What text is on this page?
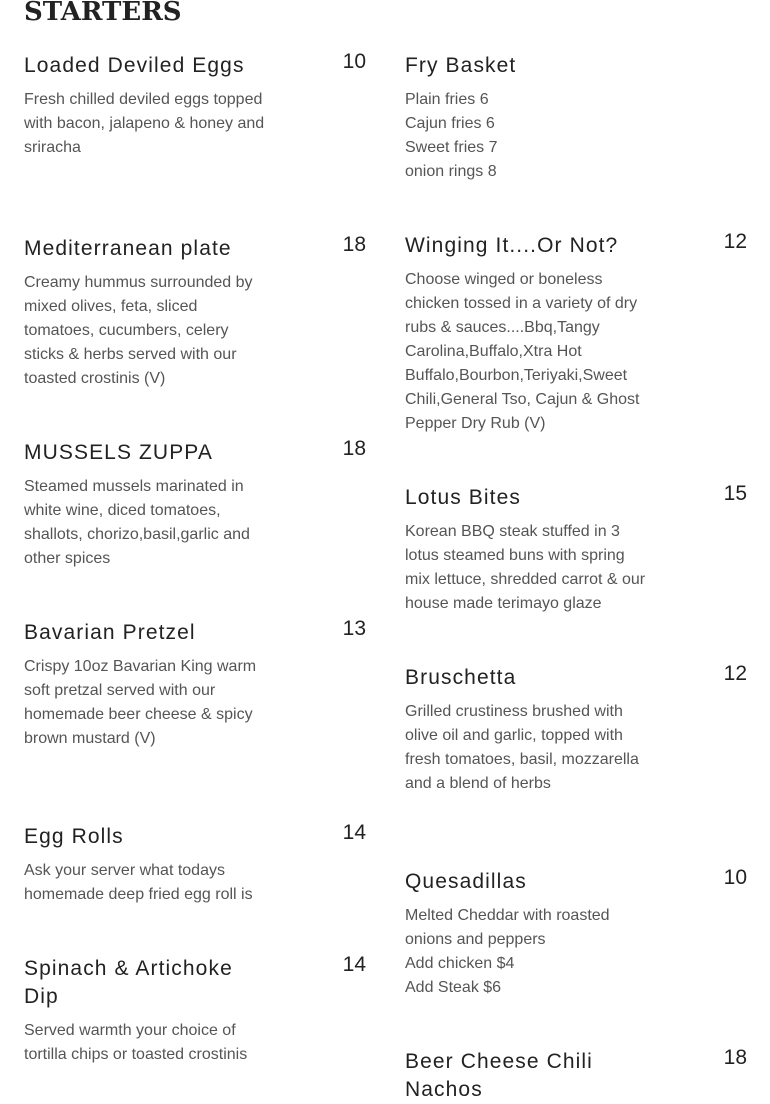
STARTERS
Loaded Deviled Eggs	10
Fresh chilled deviled eggs topped with bacon, jalapeno & honey and sriracha
Mediterranean plate	18
Creamy hummus surrounded by mixed olives, feta, sliced tomatoes, cucumbers, celery sticks & herbs served with our toasted crostinis (V)
MUSSELS ZUPPA	18
Steamed mussels marinated in white wine, diced tomatoes, shallots, chorizo,basil,garlic and other spices
Bavarian Pretzel	13
Crispy 10oz Bavarian King warm soft pretzal served with our homemade beer cheese & spicy brown mustard (V)
Egg Rolls	14
Ask your server what todays homemade deep fried egg roll is
Spinach & Artichoke Dip
14
Served warmth your choice of tortilla chips or toasted crostinis
Fry Basket
Plain fries 6
Cajun fries 6
Sweet fries 7
onion rings 8
Winging It....Or Not?	12
Choose winged or boneless chicken tossed in a variety of dry rubs & sauces....Bbq,Tangy Carolina,Buffalo,Xtra Hot Buffalo,Bourbon,Teriyaki,Sweet Chili,General Tso, Cajun & Ghost Pepper Dry Rub (V)
Lotus Bites	15
Korean BBQ steak stuffed in 3 lotus steamed buns with spring mix lettuce, shredded carrot & our house made terimayo glaze
Bruschetta	12
Grilled crustiness brushed with olive oil and garlic, topped with fresh tomatoes, basil, mozzarella and a blend of herbs
Quesadillas	10
Melted Cheddar with roasted onions and peppers
Add chicken $4
Add Steak $6
Beer Cheese Chili Nachos
18
